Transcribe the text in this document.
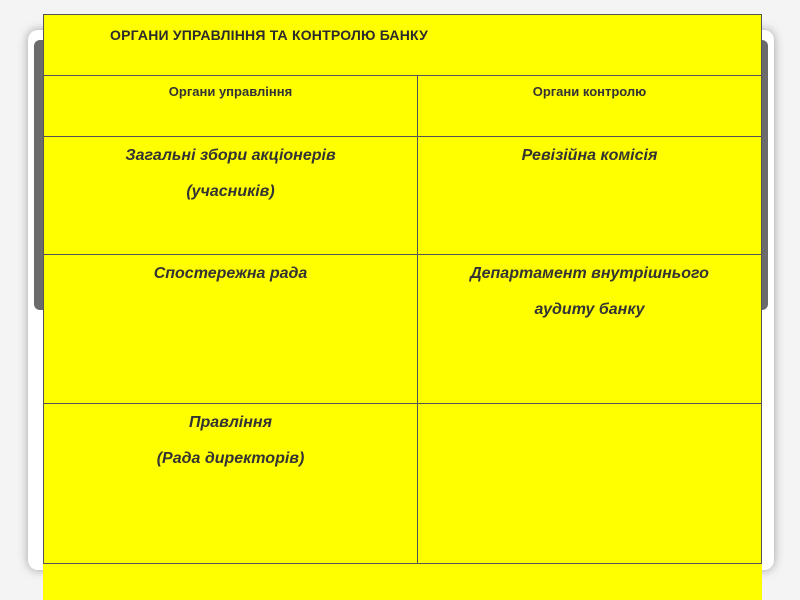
ОРГАНИ УПРАВЛІННЯ ТА КОНТРОЛЮ БАНКУ	

Органи управління	Органи контролю

Загальні збори акціонерів
(учасників)	Ревізійна комісія

Спостережна рада	Департамент внутрішнього
аудиту банку

Правління
(Рада директорів)	
